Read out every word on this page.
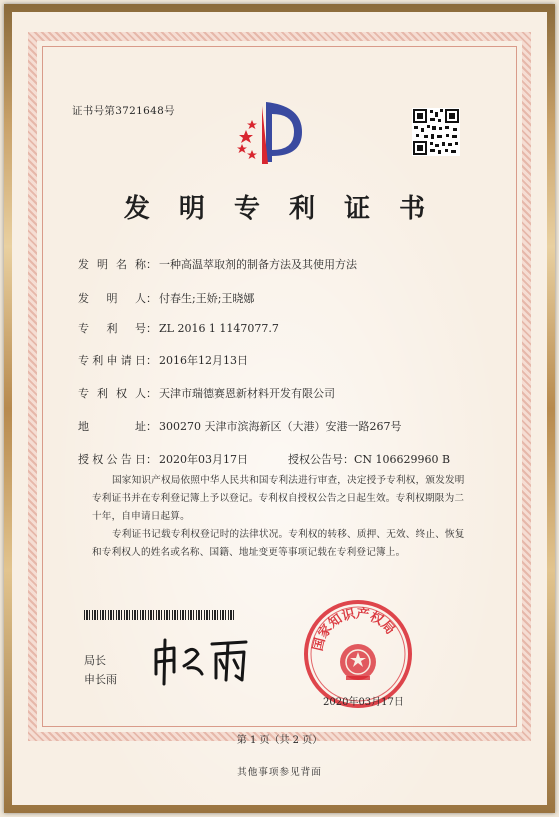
证书号第3721648号
发 明 专 利 证 书
发 明 名 称： 一种高温萃取剂的制备方法及其使用方法
发 明 人： 付春生;王娇;王晓娜
专 利 号： ZL 2016 1 1147077.7
专利申请日： 2016年12月13日
专 利 权 人： 天津市瑞德赛恩新材料开发有限公司
地 址： 300270 天津市滨海新区（大港）安港一路267号
授权公告日： 2020年03月17日	授权公告号：CN 106629960 B
国家知识产权局依照中华人民共和国专利法进行审查，决定授予专利权，颁发发明专利证书并在专利登记簿上予以登记。专利权自授权公告之日起生效。专利权期限为二十年，自申请日起算。
专利证书记载专利权登记时的法律状况。专利权的转移、质押、无效、终止、恢复和专利权人的姓名或名称、国籍、地址变更等事项记载在专利登记簿上。
局长
申长雨
国家知识产权局
2020年03月17日
第 1 页（共 2 页）
其他事项参见背面
